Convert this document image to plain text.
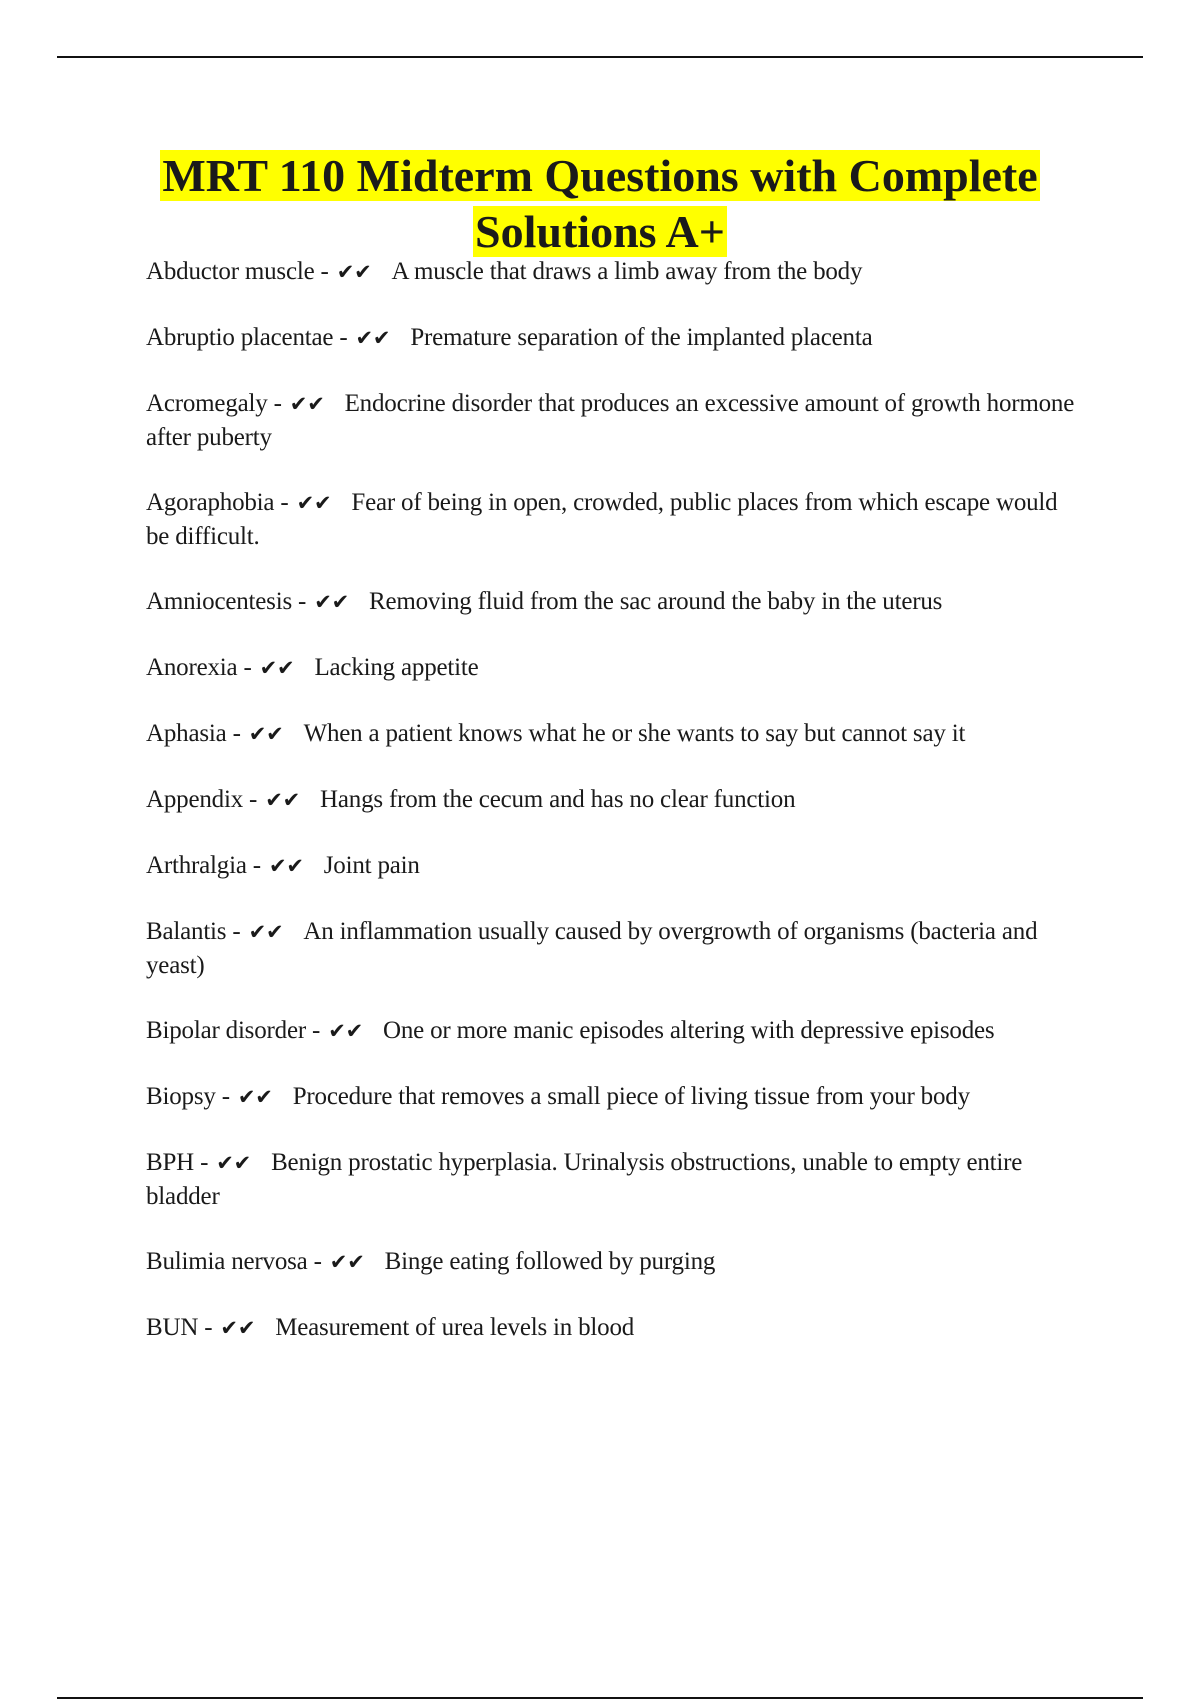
MRT 110 Midterm Questions with Complete
Solutions A+

Abductor muscle - ✔✔ A muscle that draws a limb away from the body

Abruptio placentae - ✔✔ Premature separation of the implanted placenta

Acromegaly - ✔✔ Endocrine disorder that produces an excessive amount of growth hormone after puberty

Agoraphobia - ✔✔ Fear of being in open, crowded, public places from which escape would be difficult.

Amniocentesis - ✔✔ Removing fluid from the sac around the baby in the uterus

Anorexia - ✔✔ Lacking appetite

Aphasia - ✔✔ When a patient knows what he or she wants to say but cannot say it

Appendix - ✔✔ Hangs from the cecum and has no clear function

Arthralgia - ✔✔ Joint pain

Balantis - ✔✔ An inflammation usually caused by overgrowth of organisms (bacteria and yeast)

Bipolar disorder - ✔✔ One or more manic episodes altering with depressive episodes

Biopsy - ✔✔ Procedure that removes a small piece of living tissue from your body

BPH - ✔✔ Benign prostatic hyperplasia. Urinalysis obstructions, unable to empty entire bladder

Bulimia nervosa - ✔✔ Binge eating followed by purging

BUN - ✔✔ Measurement of urea levels in blood
